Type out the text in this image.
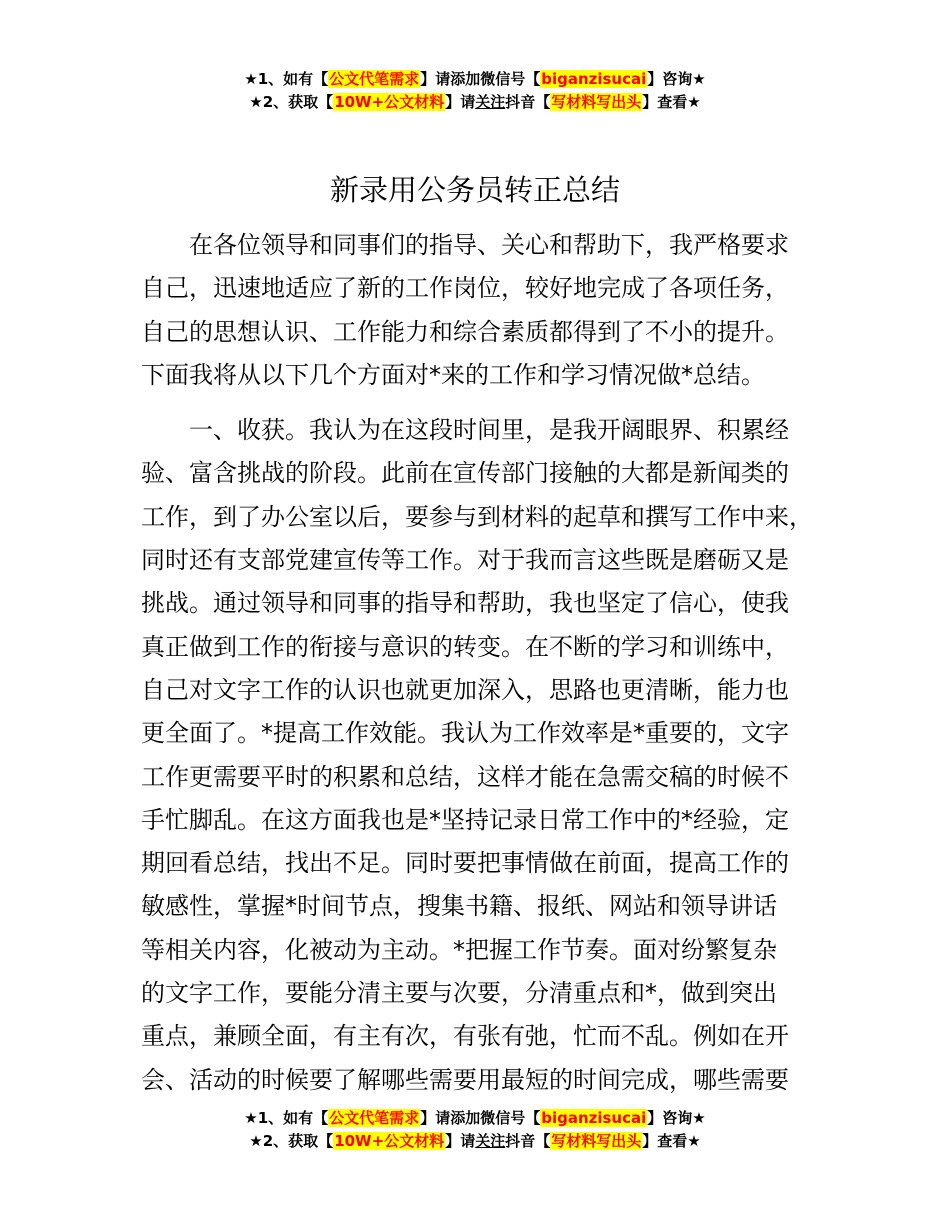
★1、如有【公文代笔需求】请添加微信号【biganzisucai】咨询★
★2、获取【10W+公文材料】请关注抖音【写材料写出头】查看★
新录用公务员转正总结
在各位领导和同事们的指导、关心和帮助下，我严格要求
自己，迅速地适应了新的工作岗位，较好地完成了各项任务，
自己的思想认识、工作能力和综合素质都得到了不小的提升。
下面我将从以下几个方面对*来的工作和学习情况做*总结。
一、收获。我认为在这段时间里，是我开阔眼界、积累经
验、富含挑战的阶段。此前在宣传部门接触的大都是新闻类的
工作，到了办公室以后，要参与到材料的起草和撰写工作中来，
同时还有支部党建宣传等工作。对于我而言这些既是磨砺又是
挑战。通过领导和同事的指导和帮助，我也坚定了信心，使我
真正做到工作的衔接与意识的转变。在不断的学习和训练中，
自己对文字工作的认识也就更加深入，思路也更清晰，能力也
更全面了。*提高工作效能。我认为工作效率是*重要的，文字
工作更需要平时的积累和总结，这样才能在急需交稿的时候不
手忙脚乱。在这方面我也是*坚持记录日常工作中的*经验，定
期回看总结，找出不足。同时要把事情做在前面，提高工作的
敏感性，掌握*时间节点，搜集书籍、报纸、网站和领导讲话
等相关内容，化被动为主动。*把握工作节奏。面对纷繁复杂
的文字工作，要能分清主要与次要，分清重点和*，做到突出
重点，兼顾全面，有主有次，有张有弛，忙而不乱。例如在开
会、活动的时候要了解哪些需要用最短的时间完成，哪些需要
★1、如有【公文代笔需求】请添加微信号【biganzisucai】咨询★
★2、获取【10W+公文材料】请关注抖音【写材料写出头】查看★
